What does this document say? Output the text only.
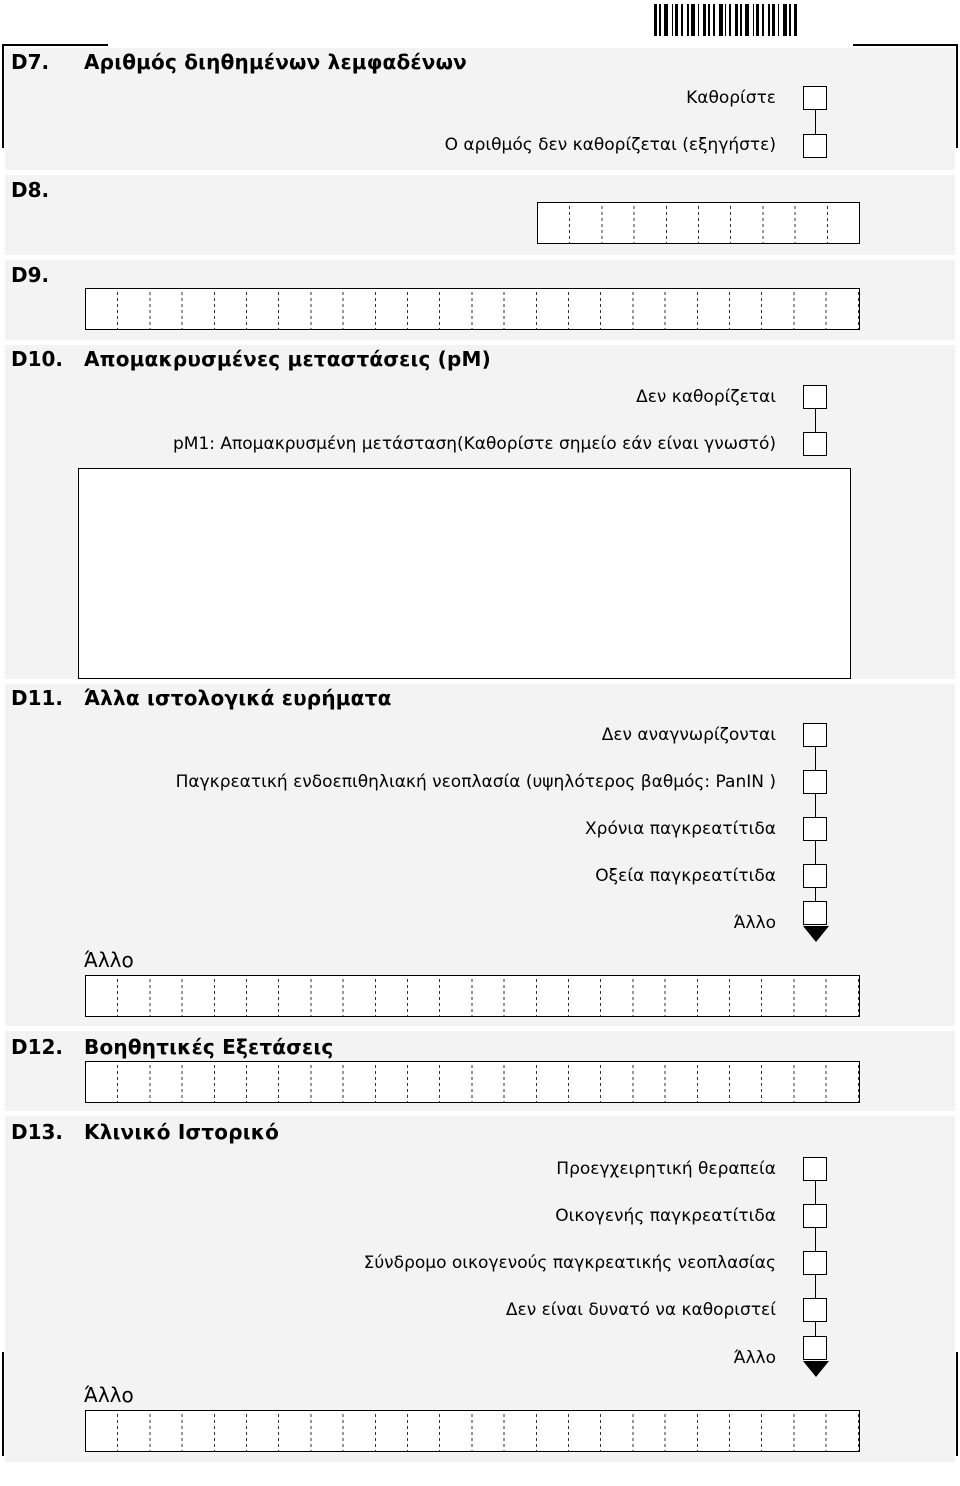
D7. Αριθμός διηθημένων λεμφαδένων
Καθορίστε
Ο αριθμός δεν καθορίζεται (εξηγήστε)
D8.
D9.
D10. Απομακρυσμένες μεταστάσεις (pM)
Δεν καθορίζεται
pM1: Απομακρυσμένη μετάσταση(Καθορίστε σημείο εάν είναι γνωστό)
D11. Άλλα ιστολογικά ευρήματα
Δεν αναγνωρίζονται
Παγκρεατική ενδοεπιθηλιακή νεοπλασία (υψηλότερος βαθμός: PanIN )
Χρόνια παγκρεατίτιδα
Οξεία παγκρεατίτιδα
Άλλο
Άλλο
D12. Βοηθητικές Εξετάσεις
D13. Κλινικό Ιστορικό
Προεγχειρητική θεραπεία
Οικογενής παγκρεατίτιδα
Σύνδρομο οικογενούς παγκρεατικής νεοπλασίας
Δεν είναι δυνατό να καθοριστεί
Άλλο
Άλλο
